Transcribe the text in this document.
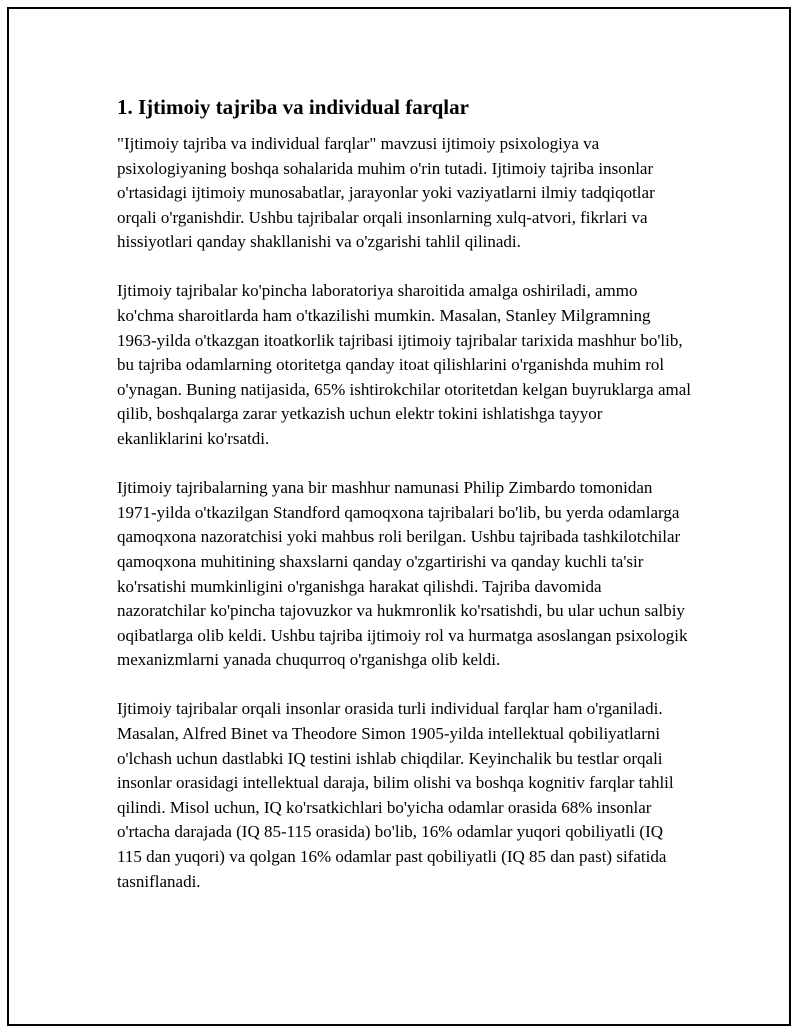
1. Ijtimoiy tajriba va individual farqlar

"Ijtimoiy tajriba va individual farqlar" mavzusi ijtimoiy psixologiya va psixologiyaning boshqa sohalarida muhim o'rin tutadi. Ijtimoiy tajriba insonlar o'rtasidagi ijtimoiy munosabatlar, jarayonlar yoki vaziyatlarni ilmiy tadqiqotlar orqali o'rganishdir. Ushbu tajribalar orqali insonlarning xulq-atvori, fikrlari va hissiyotlari qanday shakllanishi va o'zgarishi tahlil qilinadi.

Ijtimoiy tajribalar ko'pincha laboratoriya sharoitida amalga oshiriladi, ammo ko'chma sharoitlarda ham o'tkazilishi mumkin. Masalan, Stanley Milgramning 1963-yilda o'tkazgan itoatkorlik tajribasi ijtimoiy tajribalar tarixida mashhur bo'lib, bu tajriba odamlarning otoritetga qanday itoat qilishlarini o'rganishda muhim rol o'ynagan. Buning natijasida, 65% ishtirokchilar otoritetdan kelgan buyruklarga amal qilib, boshqalarga zarar yetkazish uchun elektr tokini ishlatishga tayyor ekanliklarini ko'rsatdi.

Ijtimoiy tajribalarning yana bir mashhur namunasi Philip Zimbardo tomonidan 1971-yilda o'tkazilgan Standford qamoqxona tajribalari bo'lib, bu yerda odamlarga qamoqxona nazoratchisi yoki mahbus roli berilgan. Ushbu tajribada tashkilotchilar qamoqxona muhitining shaxslarni qanday o'zgartirishi va qanday kuchli ta'sir ko'rsatishi mumkinligini o'rganishga harakat qilishdi. Tajriba davomida nazoratchilar ko'pincha tajovuzkor va hukmronlik ko'rsatishdi, bu ular uchun salbiy oqibatlarga olib keldi. Ushbu tajriba ijtimoiy rol va hurmatga asoslangan psixologik mexanizmlarni yanada chuqurroq o'rganishga olib keldi.

Ijtimoiy tajribalar orqali insonlar orasida turli individual farqlar ham o'rganiladi. Masalan, Alfred Binet va Theodore Simon 1905-yilda intellektual qobiliyatlarni o'lchash uchun dastlabki IQ testini ishlab chiqdilar. Keyinchalik bu testlar orqali insonlar orasidagi intellektual daraja, bilim olishi va boshqa kognitiv farqlar tahlil qilindi. Misol uchun, IQ ko'rsatkichlari bo'yicha odamlar orasida 68% insonlar o'rtacha darajada (IQ 85-115 orasida) bo'lib, 16% odamlar yuqori qobiliyatli (IQ 115 dan yuqori) va qolgan 16% odamlar past qobiliyatli (IQ 85 dan past) sifatida tasniflanadi.
